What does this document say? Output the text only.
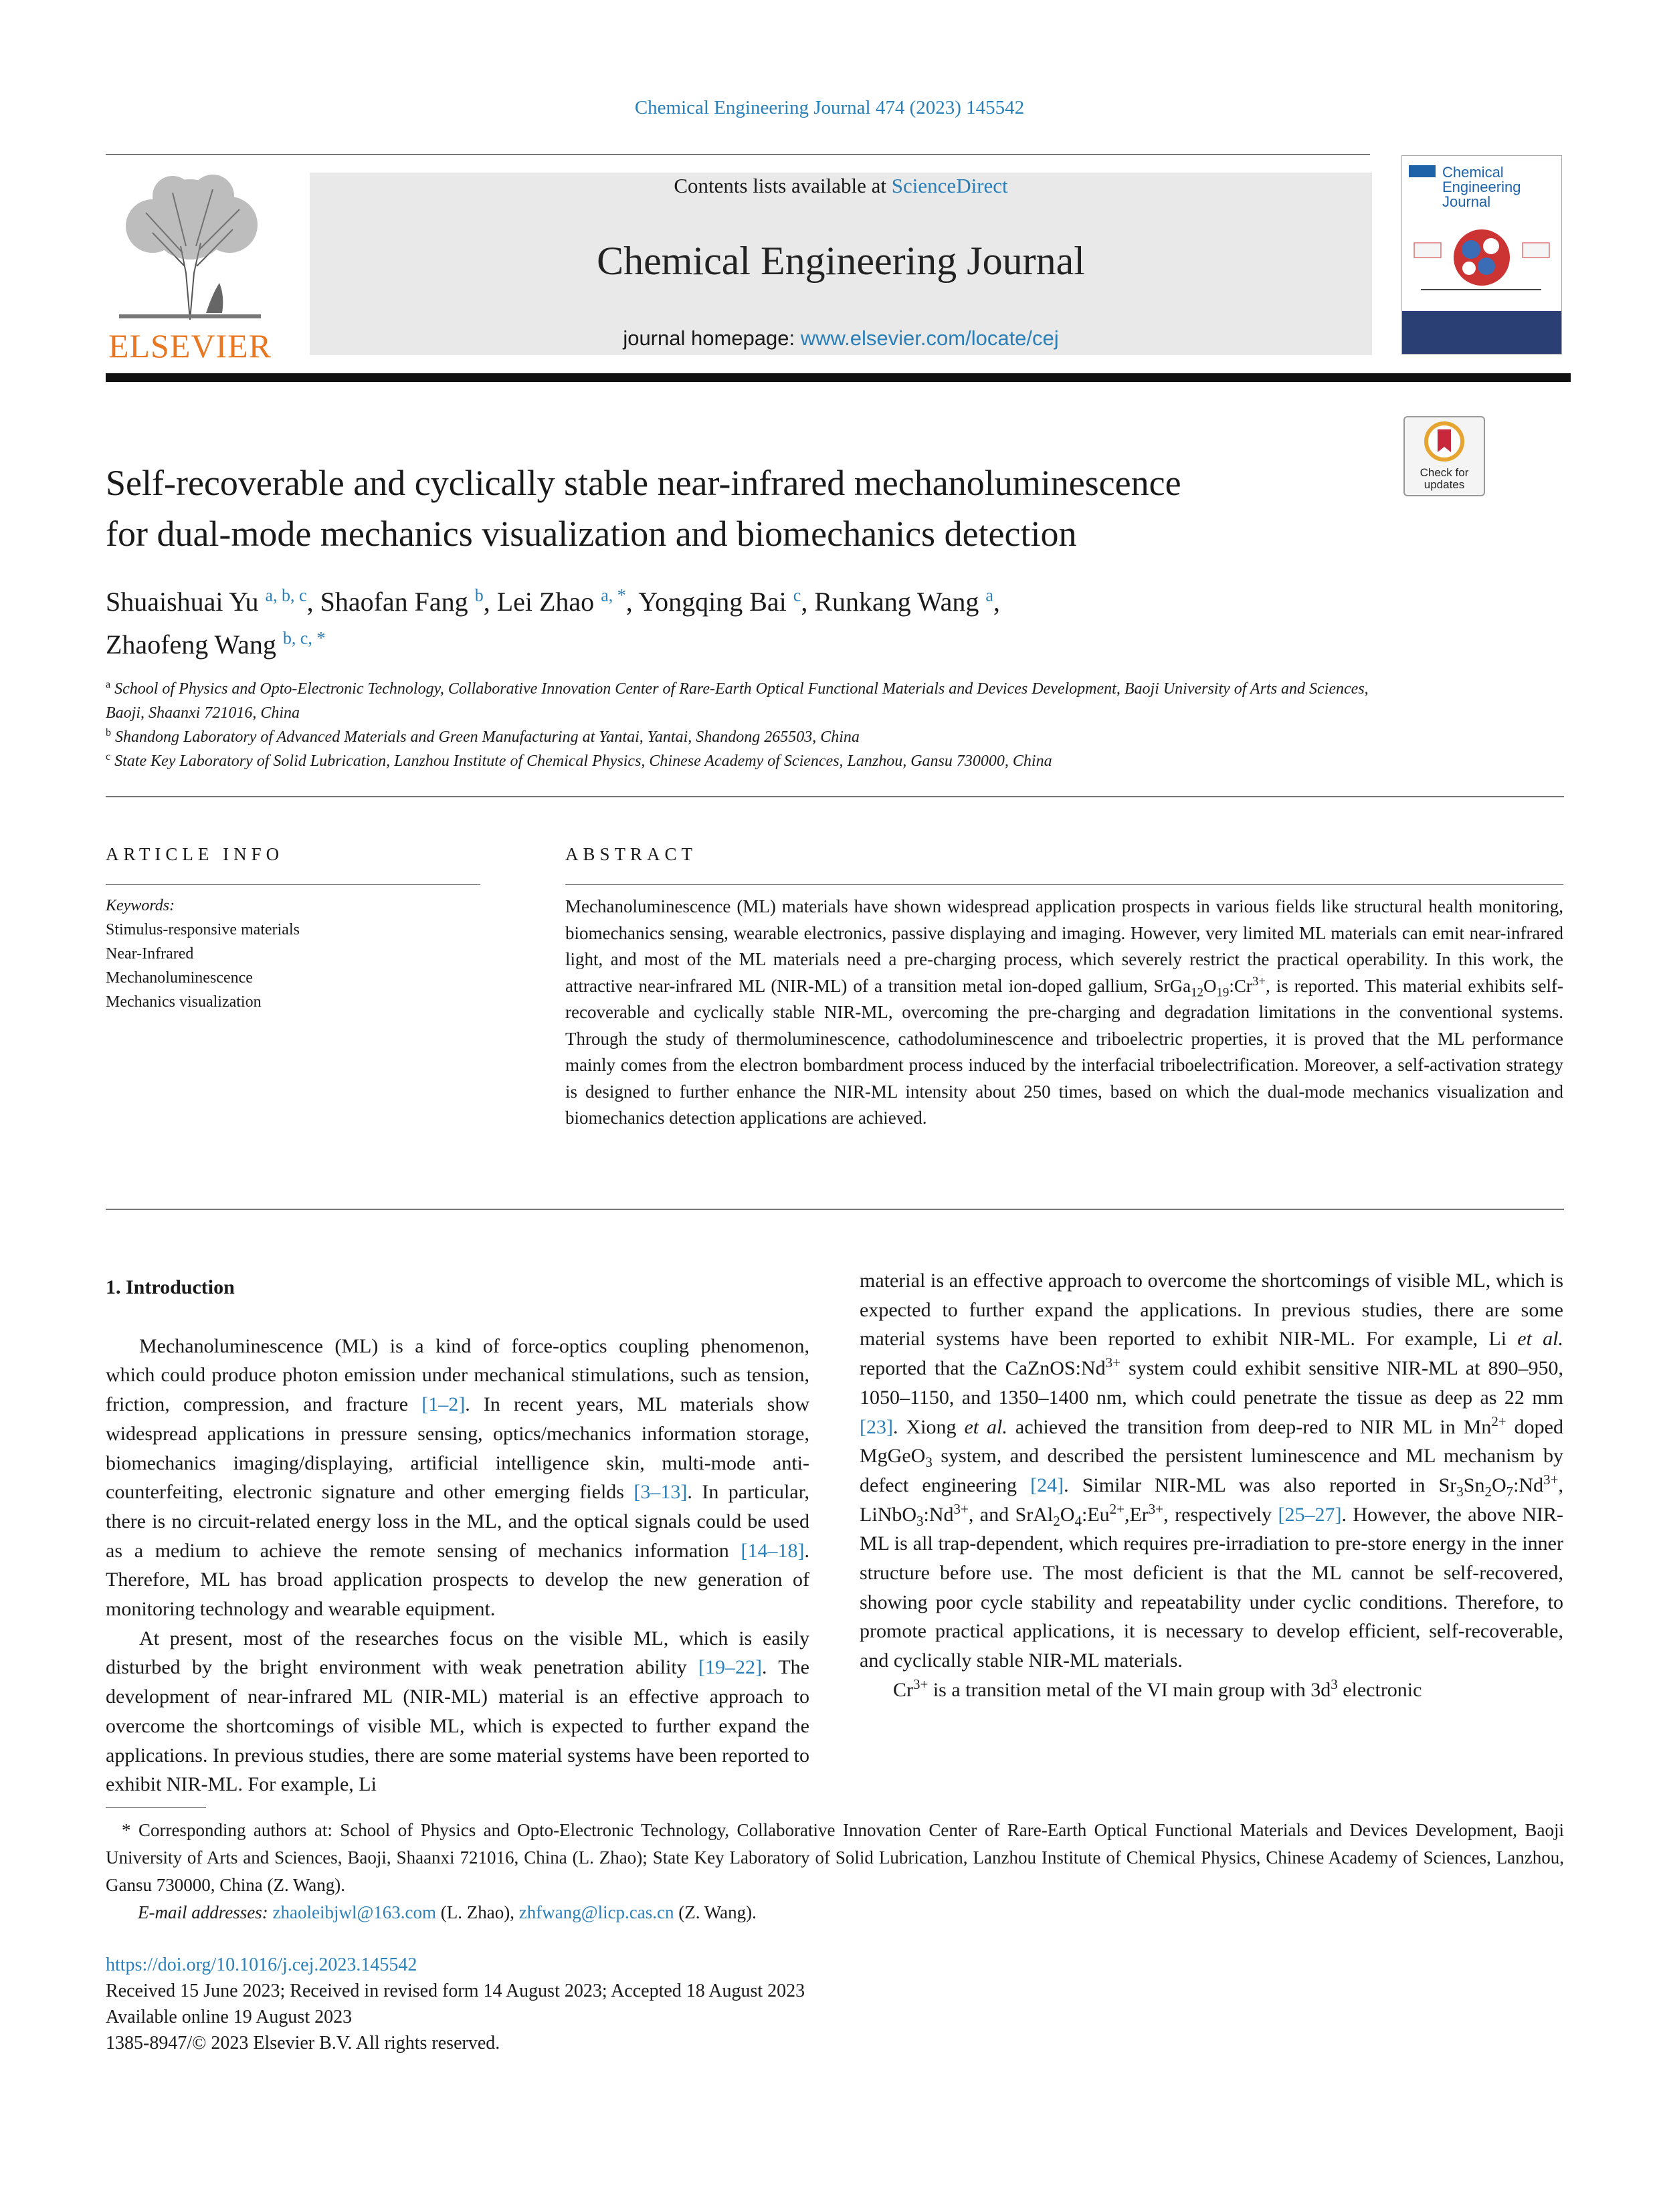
Chemical Engineering Journal 474 (2023) 145542
ELSEVIER
Contents lists available at ScienceDirect
Chemical Engineering Journal
journal homepage: www.elsevier.com/locate/cej
Chemical
Engineering
Journal
Check for
updates
Self-recoverable and cyclically stable near-infrared mechanoluminescence
for dual-mode mechanics visualization and biomechanics detection
Shuaishuai Yu $^{a, b, c}$, Shaofan Fang $^b$, Lei Zhao $^{a, *}$, Yongqing Bai $^c$, Runkang Wang $^a$,
Zhaofeng Wang $^{b, c, *}$
$^a$ School of Physics and Opto-Electronic Technology, Collaborative Innovation Center of Rare-Earth Optical Functional Materials and Devices Development, Baoji University of Arts and Sciences, Baoji, Shaanxi 721016, China
$^b$ Shandong Laboratory of Advanced Materials and Green Manufacturing at Yantai, Yantai, Shandong 265503, China
$^c$ State Key Laboratory of Solid Lubrication, Lanzhou Institute of Chemical Physics, Chinese Academy of Sciences, Lanzhou, Gansu 730000, China
ARTICLE INFO
Keywords:
Stimulus-responsive materials
Near-Infrared
Mechanoluminescence
Mechanics visualization
ABSTRACT
Mechanoluminescence (ML) materials have shown widespread application prospects in various fields like structural health monitoring, biomechanics sensing, wearable electronics, passive displaying and imaging. However, very limited ML materials can emit near-infrared light, and most of the ML materials need a pre-charging process, which severely restrict the practical operability. In this work, the attractive near-infrared ML (NIR-ML) of a transition metal ion-doped gallium, $SrGa_{12}O_{19}:Cr^{3+}$, is reported. This material exhibits self-recoverable and cyclically stable NIR-ML, overcoming the pre-charging and degradation limitations in the conventional systems. Through the study of thermoluminescence, cathodoluminescence and triboelectric properties, it is proved that the ML performance mainly comes from the electron bombardment process induced by the interfacial triboelectrification. Moreover, a self-activation strategy is designed to further enhance the NIR-ML intensity about 250 times, based on which the dual-mode mechanics visualization and biomechanics detection applications are achieved.

1. Introduction

Mechanoluminescence (ML) is a kind of force-optics coupling phenomenon, which could produce photon emission under mechanical stimulations, such as tension, friction, compression, and fracture [1–2]. In recent years, ML materials show widespread applications in pressure sensing, optics/mechanics information storage, biomechanics imaging/displaying, artificial intelligence skin, multi-mode anti-counterfeiting, electronic signature and other emerging fields [3–13]. In particular, there is no circuit-related energy loss in the ML, and the optical signals could be used as a medium to achieve the remote sensing of mechanics information [14–18]. Therefore, ML has broad application prospects to develop the new generation of monitoring technology and wearable equipment.

At present, most of the researches focus on the visible ML, which is easily disturbed by the bright environment with weak penetration ability [19–22]. The development of near-infrared ML (NIR-ML) material is an effective approach to overcome the shortcomings of visible ML, which is expected to further expand the applications. In previous studies, there are some material systems have been reported to exhibit NIR-ML. For example, Li

material is an effective approach to overcome the shortcomings of visible ML, which is expected to further expand the applications. In previous studies, there are some material systems have been reported to exhibit NIR-ML. For example, Li et al. reported that the $CaZnOS:Nd^{3+}$ system could exhibit sensitive NIR-ML at 890–950, 1050–1150, and 1350–1400 nm, which could penetrate the tissue as deep as 22 mm [23]. Xiong et al. achieved the transition from deep-red to NIR ML in $Mn^{2+}$ doped MgGeO$_3$ system, and described the persistent luminescence and ML mechanism by defect engineering [24]. Similar NIR-ML was also reported in $Sr_3Sn_2O_7:Nd^{3+}$, $LiNbO_3:Nd^{3+}$, and $SrAl_2O_4:Eu^{2+},Er^{3+}$, respectively [25–27]. However, the above NIR-ML is all trap-dependent, which requires pre-irradiation to pre-store energy in the inner structure before use. The most deficient is that the ML cannot be self-recovered, showing poor cycle stability and repeatability under cyclic conditions. Therefore, to promote practical applications, it is necessary to develop efficient, self-recoverable, and cyclically stable NIR-ML materials.

$Cr^{3+}$ is a transition metal of the VI main group with $3d^3$ electronic

* Corresponding authors at: School of Physics and Opto-Electronic Technology, Collaborative Innovation Center of Rare-Earth Optical Functional Materials and Devices Development, Baoji University of Arts and Sciences, Baoji, Shaanxi 721016, China (L. Zhao); State Key Laboratory of Solid Lubrication, Lanzhou Institute of Chemical Physics, Chinese Academy of Sciences, Lanzhou, Gansu 730000, China (Z. Wang).
E-mail addresses: zhaoleibjwl@163.com (L. Zhao), zhfwang@licp.cas.cn (Z. Wang).
https://doi.org/10.1016/j.cej.2023.145542
Received 15 June 2023; Received in revised form 14 August 2023; Accepted 18 August 2023
Available online 19 August 2023
1385-8947/© 2023 Elsevier B.V. All rights reserved.
